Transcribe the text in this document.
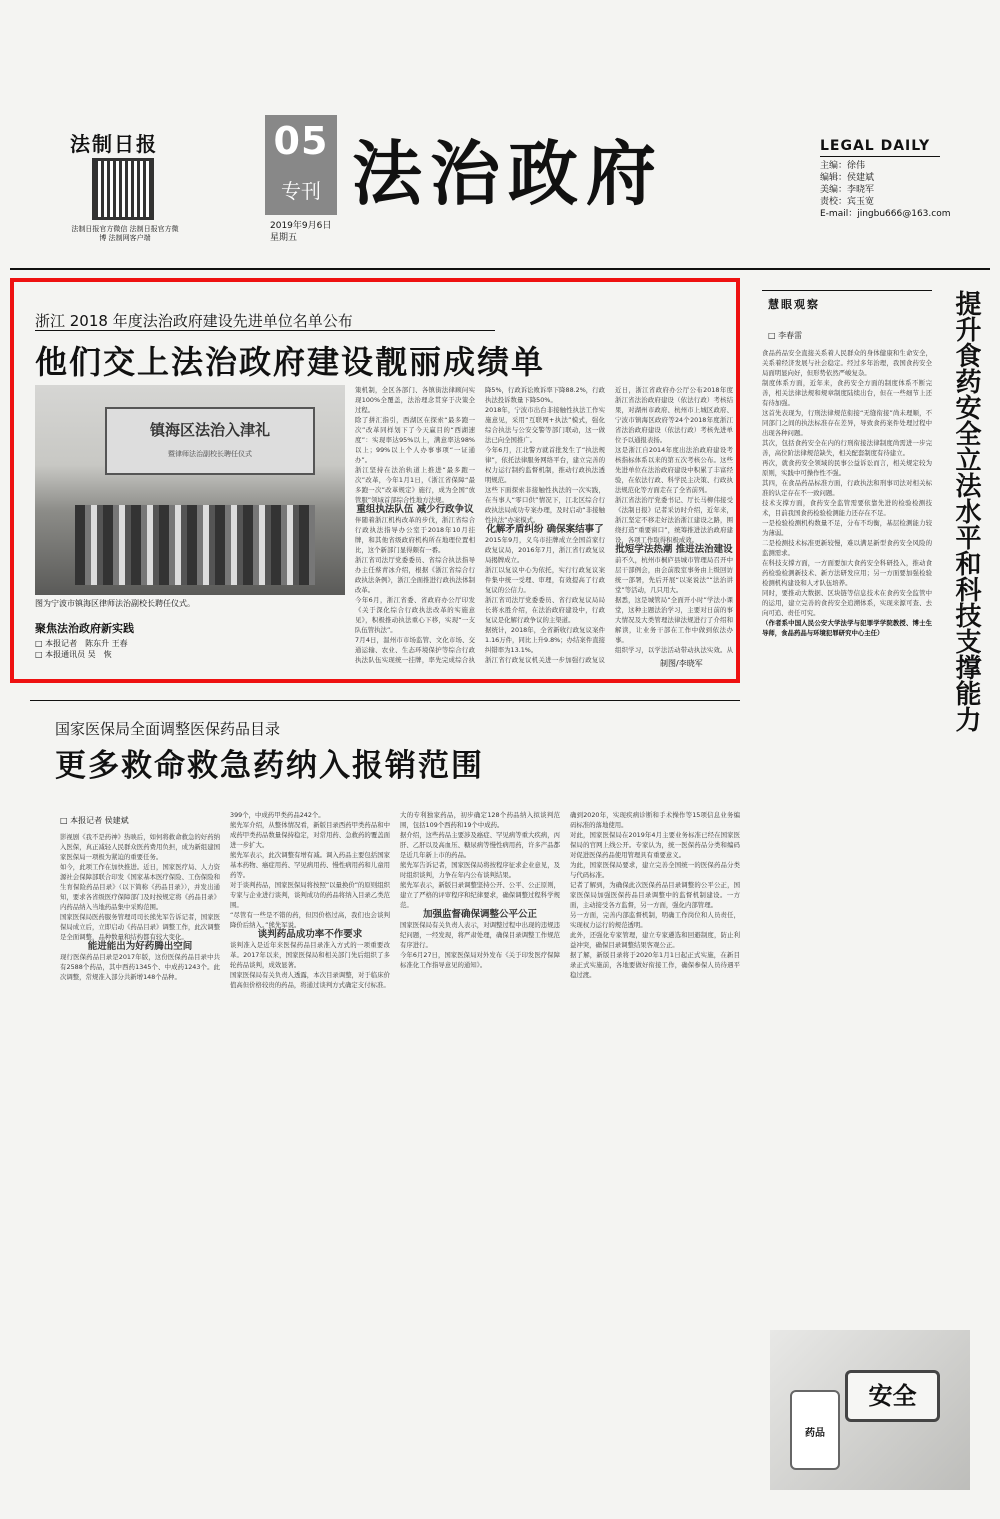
法制日报
法制日报官方微信 法制日报官方微博 法制网客户端
05
专刊 法治政府
2019年9月6日
星期五
LEGAL DAILY
主编：徐伟
编辑：侯建斌
美编：李晓军
责校：宾玉宽
E-mail：jingbu666@163.com
浙江 2018 年度法治政府建设先进单位名单公布
他们交上法治政府建设靓丽成绩单
镇海区法治入津礼
暨律师法治副校长聘任仪式
图为宁波市镇海区律师法治副校长聘任仪式。
聚焦法治政府新实践
□ 本报记者　陈东升 王春
□ 本报通讯员 吴　恢

策机制，全区各部门、各镇街法律顾问实现100%全覆盖，法治理念贯穿于决策全过程。

除了拼汇指引，西湖区在探索“最多跑一次”改革同样划下了今天赢目的“西湖速度”：实现率达95%以上，满意率达98%以上；99%以上个人办事事项“一证通办”。

浙江坚持在法治轨道上推进“最多跑一次”改革，今年1月1日，《浙江省保障“最多跑一次”改革规定》施行，成为全国“放管服”领域首部综合性地方法规。

重组执法队伍 减少行政争议

伴随着浙江机构改革的步伐，浙江省综合行政执法指导办公室于2018年10月挂牌，和其他省级政府机构所在地理位置相比，这个新部门显得颇有一番。

浙江省司法厅党委委员、省综合执法指导办主任蔡青冰介绍，根据《浙江省综合行政执法条例》，浙江全面推进行政执法体制改革。

今年6月，浙江省委、省政府办公厅印发《关于深化综合行政执法改革的实施意见》，积极推动执法重心下移，实现“一支队伍管执法”。

7月4日，温州市市场监管、文化市场、交通运输、农业、生态环境保护等综合行政执法队伍实现统一挂牌，率先完成综合执

降5%，行政诉讼败诉率下降88.2%，行政执法投诉数量下降50%。

2018年，宁波市出台非接触性执法工作实施意见，采用“互联网+执法”模式，强化综合执法与公安交警等部门联动，这一做法已向全国推广。

今年6月，江北警方就首批发生了“执法规律”，依托法律服务网络平台，建立完善的权力运行制约监督机制，推动行政执法透明规范。

这些下面探索非接触性执法的一次实践，在当事人“零口供”情况下，江北区综合行政执法局成功专案办理，及时启动“非接触性执法”办案模式。

化解矛盾纠纷 确保案结事了

2015年9月，义乌市挂牌成立全国首家行政复议局，2016年7月，浙江省行政复议局揭牌成立。

浙江以复议中心为依托，实行行政复议案件集中统一受理、审理，有效提高了行政复议的公信力。

浙江省司法厅党委委员、省行政复议局局长蒋永胜介绍，在法治政府建设中，行政复议是化解行政争议的主渠道。

据统计，2018年，全省新收行政复议案件1.16万件，同比上升9.8%；办结案件直接纠错率为13.1%。

浙江省行政复议机关进一步加强行政复议

近日，浙江省政府办公厅公布2018年度浙江省法治政府建设（依法行政）考核结果，对湖州市政府、杭州市上城区政府、宁波市镇海区政府等24个2018年度浙江省法治政府建设（依法行政）考核先进单位予以通报表扬。

这是浙江自2014年度出法治政府建设考核指标体系以来的第五次考核公布。这些先进单位在法治政府建设中积累了丰富经验，在依法行政、科学民主决策、行政执法规范化等方面走在了全省前列。

浙江省法治厅党委书记、厅长马柳伟接受《法制日报》记者采访时介绍，近年来，浙江坚定不移走好法治浙江建设之路，围绕打造“重要窗口”，统筹推进法治政府建设，各项工作取得积极成效。

批短学法热潮 推进法治建设

前不久，杭州市桐庐县城市管理局召开中层干部例会，由会前股室事务由上级回访统一部署，先后开展“以案说法”“法治讲堂”等活动，几只用大。

据悉，这是城管局“全面开小时”学法小课堂，这种主题法治学习，主要对日前的事大情况及大类管理法律法规进行了介绍和解读，让业务干部在工作中做到依法办事。

组织学习，以学法活动带动执法实效。从

制图/李晓军
慧眼观察
□ 李春雷	提升食药安全立法水平和科技支撑能力

食品药品安全直接关系着人民群众的身体健康和生命安全，关系着经济发展与社会稳定。经过多年治理，我国食药安全局面明显向好，但形势依然严峻复杂。

制度体系方面，近年来，食药安全方面的制度体系不断完善，相关法律法规和规章制度陆续出台，但在一些细节上还有待加强。

这首先表现为，行刑法律规范衔接“无缝衔接”尚未理顺，不同部门之间的执法标准存在差异，导致食药案件处理过程中出现各种问题。

其次，包括食药安全在内的行刑衔接法律制度尚需进一步完善，高位阶法律规范缺失，相关配套制度有待建立。

再次，就食药安全领域的民事公益诉讼而言，相关规定较为原则，实践中可操作性不强。

其四，在食品药品标准方面，行政执法和刑事司法对相关标准的认定存在不一致问题。

技术支撑方面，食药安全监管需要依靠先进的检验检测技术，目前我国食药检验检测能力还存在不足。

一是检验检测机构数量不足，分布不均衡，基层检测能力较为薄弱。

二是检测技术标准更新较慢，难以满足新型食药安全风险的监测需求。

在科技支撑方面，一方面要加大食药安全科研投入，推动食药检验检测新技术、新方法研发应用；另一方面要加强检验检测机构建设和人才队伍培养。

同时，要推动大数据、区块链等信息技术在食药安全监管中的运用，建立完善的食药安全追溯体系，实现来源可查、去向可追、责任可究。

（作者系中国人民公安大学法学与犯罪学学院教授、博士生导师，食品药品与环境犯罪研究中心主任）

安全
药品
国家医保局全面调整医保药品目录
更多救命救急药纳入报销范围
□ 本报记者 侯建斌

影视剧《我不是药神》热映后，如何将救命救急的好药纳入医保，真正减轻人民群众医药费用负担，成为新组建国家医保局一项极为紧迫的重要任务。

如今，此项工作在加快推进。近日，国家医疗局、人力资源社会保障部联合印发《国家基本医疗保险、工伤保险和生育保险药品目录》（以下简称《药品目录》），并发出通知，要求各省级医疗保障部门及时按规定将《药品目录》内药品纳入当地药品集中采购范围。

国家医保局医药服务管理司司长熊先军告诉记者，国家医保局成立后，立即启动《药品目录》调整工作，此次调整是全面调整，品种数量和结构都有较大变化。

能进能出为好药腾出空间

现行医保药品目录是2017年版，这份医保药品目录中共有2588个药品，其中西药1345个、中成药1243个。此次调整，常规准入部分共新增148个品种。

399个，中成药甲类药品242个。

熊先军介绍，从整体情况看，新版目录西药甲类药品和中成药甲类药品数量保持稳定，对常用药、急救药的覆盖面进一步扩大。

熊先军表示，此次调整有增有减。调入药品主要包括国家基本药物、癌症用药、罕见病用药、慢性病用药和儿童用药等。

对于谈判药品，国家医保局将按照“以量换价”的原则组织专家与企业进行谈判，谈判成功的药品将纳入目录乙类范围。

“尽管有一些是不错的药，但因价格过高，我们也会谈判降价后纳入。”熊先军说。

谈判药品成功率不作要求

谈判准入是近年来医保药品目录准入方式的一项重要改革。2017年以来，国家医保局和相关部门先后组织了多轮药品谈判，成效显著。

国家医保局有关负责人透露，本次目录调整，对于临床价值高但价格较贵的药品，将通过谈判方式确定支付标准。

大的专利独家药品，初步确定128个药品纳入拟谈判范围，包括109个西药和19个中成药。

据介绍，这些药品主要涉及癌症、罕见病等重大疾病，丙肝、乙肝以及高血压、糖尿病等慢性病用药，许多产品都是近几年新上市的药品。

熊先军告诉记者，国家医保局将按程序征求企业意见，及时组织谈判，力争在年内公布谈判结果。

熊先军表示，新版目录调整坚持公开、公平、公正原则，建立了严格的评审程序和纪律要求，确保调整过程科学规范。

加强监督确保调整公平公正

国家医保局有关负责人表示，对调整过程中出现的违规违纪问题，一经发现，将严肃处理，确保目录调整工作规范有序进行。

今年6月27日，国家医保局对外发布《关于印发医疗保障标准化工作指导意见的通知》。

确到2020年，实现疾病诊断和手术操作等15项信息业务编码标准的落地使用。

对此，国家医保局在2019年4月主要业务标准已经在国家医保局的官网上线公开。专家认为，统一医保药品分类和编码对促进医保药品使用管理具有重要意义。

为此，国家医保局要求，建立完善全国统一的医保药品分类与代码标准。

记者了解到，为确保此次医保药品目录调整的公平公正，国家医保局加强医保药品目录调整中的监督机制建设。一方面，主动接受各方监督，另一方面，强化内部管理。

另一方面，完善内部监督机制，明确工作岗位和人员责任，实现权力运行的规范透明。

此外，还强化专家管理，建立专家遴选和回避制度，防止利益冲突，确保目录调整结果客观公正。

据了解，新版目录将于2020年1月1日起正式实施，在新目录正式实施前，各地要做好衔接工作，确保参保人员待遇平稳过渡。
